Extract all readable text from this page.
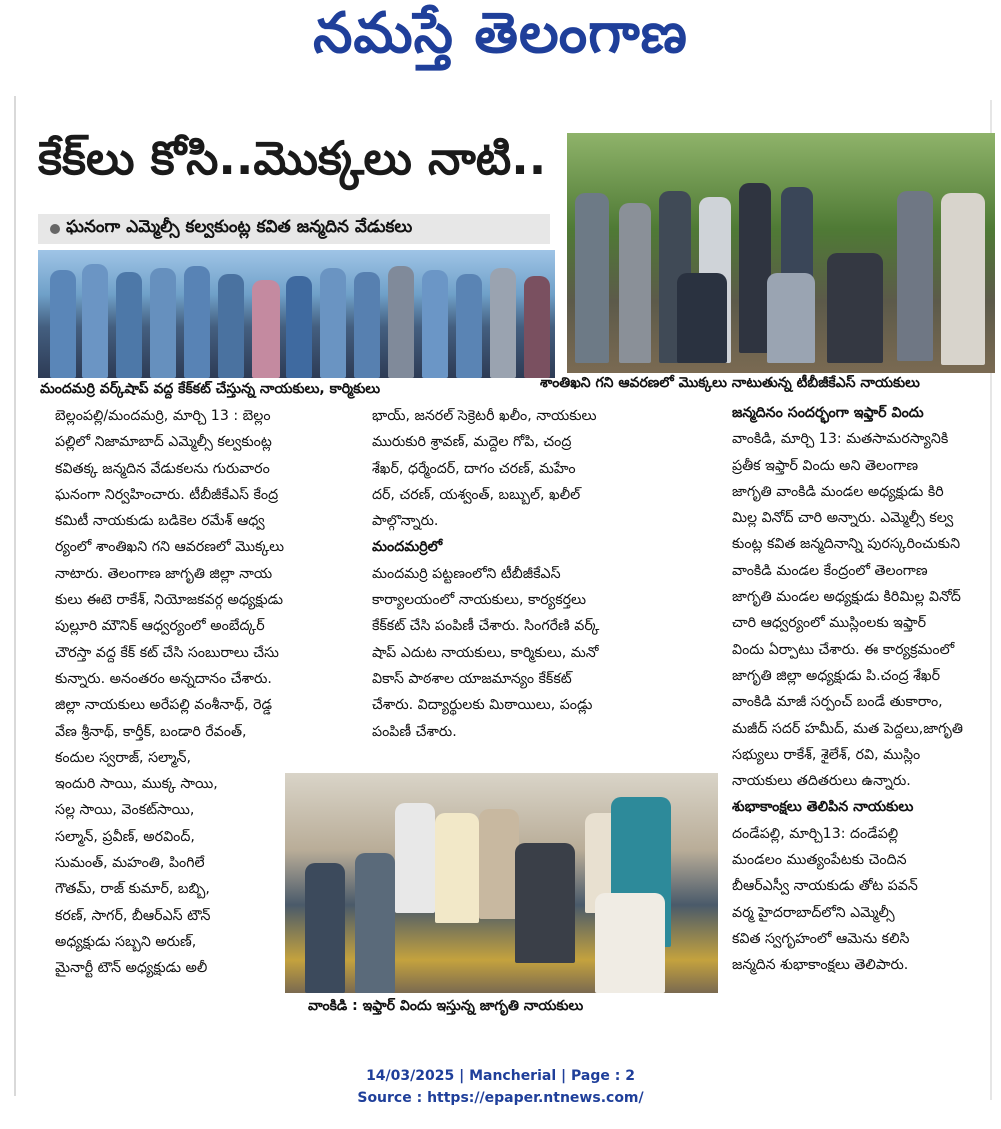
నమస్తే తెలంగాణ
కేక్‌లు కోసి..మొక్కలు నాటి..
ఘనంగా ఎమ్మెల్సీ కల్వకుంట్ల కవిత జన్మదిన వేడుకలు
మందమర్రి వర్క్‌షాప్ వద్ద కేక్‌కట్ చేస్తున్న నాయకులు, కార్మికులు	శాంతిఖని గని ఆవరణలో మొక్కలు నాటుతున్న టీబీజీకేఎస్ నాయకులు
వాంకిడి : ఇఫ్తార్ విందు ఇస్తున్న జాగృతి నాయకులు

బెల్లంపల్లి/మందమర్రి, మార్చి 13 : బెల్లం

పల్లిలో నిజామాబాద్ ఎమ్మెల్సీ కల్వకుంట్ల

కవితక్క జన్మదిన వేడుకలను గురువారం

ఘనంగా నిర్వహించారు. టీబీజీకేఎస్ కేంద్ర

కమిటీ నాయకుడు బడికెల రమేశ్ ఆధ్వ

ర్యంలో శాంతిఖని గని ఆవరణలో మొక్కలు

నాటారు. తెలంగాణ జాగృతి జిల్లా నాయ

కులు ఈటె రాకేశ్, నియోజకవర్గ అధ్యక్షుడు

పుల్లూరి మౌనిక్ ఆధ్వర్యంలో అంబేద్కర్

చౌరస్తా వద్ద కేక్ కట్ చేసి సంబురాలు చేసు

కున్నారు. అనంతరం అన్నదానం చేశారు.

జిల్లా నాయకులు అరేపల్లి వంశీనాథ్, రెడ్డ

వేణ శ్రీనాథ్, కార్తీక్, బండారి రేవంత్,

కందుల స్వరాజ్, సల్మాన్,

ఇందురి సాయి, ముక్క సాయి,

సల్ల సాయి, వెంకట్‌సాయి,

సల్మాన్, ప్రవీణ్, అరవింద్,

సుమంత్, మహంతి, పింగిలే

గౌతమ్, రాజ్ కుమార్, బబ్బి,

కరణ్, సాగర్, బీఆర్ఎస్ టౌన్

అధ్యక్షుడు సబ్బని అరుణ్,

మైనార్టీ టౌన్ అధ్యక్షుడు అలీ

భాయ్, జనరల్ సెక్రెటరీ ఖలీం, నాయకులు

మురుకురి శ్రావణ్, మద్దెల గోపి, చంద్ర

శేఖర్, ధర్మేందర్, దాగం చరణ్, మహేం

దర్, చరణ్, యశ్వంత్, బబ్బుల్, ఖలీల్

పాల్గొన్నారు.

మందమర్రిలో

మందమర్రి పట్టణంలోని టీబీజీకేఎస్

కార్యాలయంలో నాయకులు, కార్యకర్తలు

కేక్‌కట్ చేసి పంపిణీ చేశారు. సింగరేణి వర్క్

షాప్ ఎదుట నాయకులు, కార్మికులు, మనో

వికాస్ పాఠశాల యాజమాన్యం కేక్‌కట్

చేశారు. విద్యార్థులకు మిఠాయిలు, పండ్లు

పంపిణీ చేశారు.

జన్మదినం సందర్భంగా ఇఫ్తార్ విందు

వాంకిడి, మార్చి 13: మతసామరస్యానికి

ప్రతీక ఇఫ్తార్ విందు అని తెలంగాణ

జాగృతి వాంకిడి మండల అధ్యక్షుడు కిరి

మిల్ల వినోద్ చారి అన్నారు. ఎమ్మెల్సీ కల్వ

కుంట్ల కవిత జన్మదినాన్ని పురస్కరించుకుని

వాంకిడి మండల కేంద్రంలో తెలంగాణ

జాగృతి మండల అధ్యక్షుడు కిరిమిల్ల వినోద్

చారి ఆధ్వర్యంలో ముస్లింలకు ఇఫ్తార్

విందు ఏర్పాటు చేశారు. ఈ కార్యక్రమంలో

జాగృతి జిల్లా అధ్యక్షుడు పి.చంద్ర శేఖర్

వాంకిడి మాజీ సర్పంచ్ బండే తుకారాం,

మజీద్ సదర్ హమీద్, మత పెద్దలు,జాగృతి

సభ్యులు రాకేశ్, శైలేశ్, రవి, ముస్లిం

నాయకులు తదితరులు ఉన్నారు.

శుభాకాంక్షలు తెలిపిన నాయకులు

దండేపల్లి, మార్చి13: దండేపల్లి

మండలం ముత్యంపేటకు చెందిన

బీఆర్ఎస్వీ నాయకుడు తోట పవన్

వర్మ హైదరాబాద్‌లోని ఎమ్మెల్సీ

కవిత స్వగృహంలో ఆమెను కలిసి

జన్మదిన శుభాకాంక్షలు తెలిపారు.

14/03/2025 | Mancherial | Page : 2
Source : https://epaper.ntnews.com/
